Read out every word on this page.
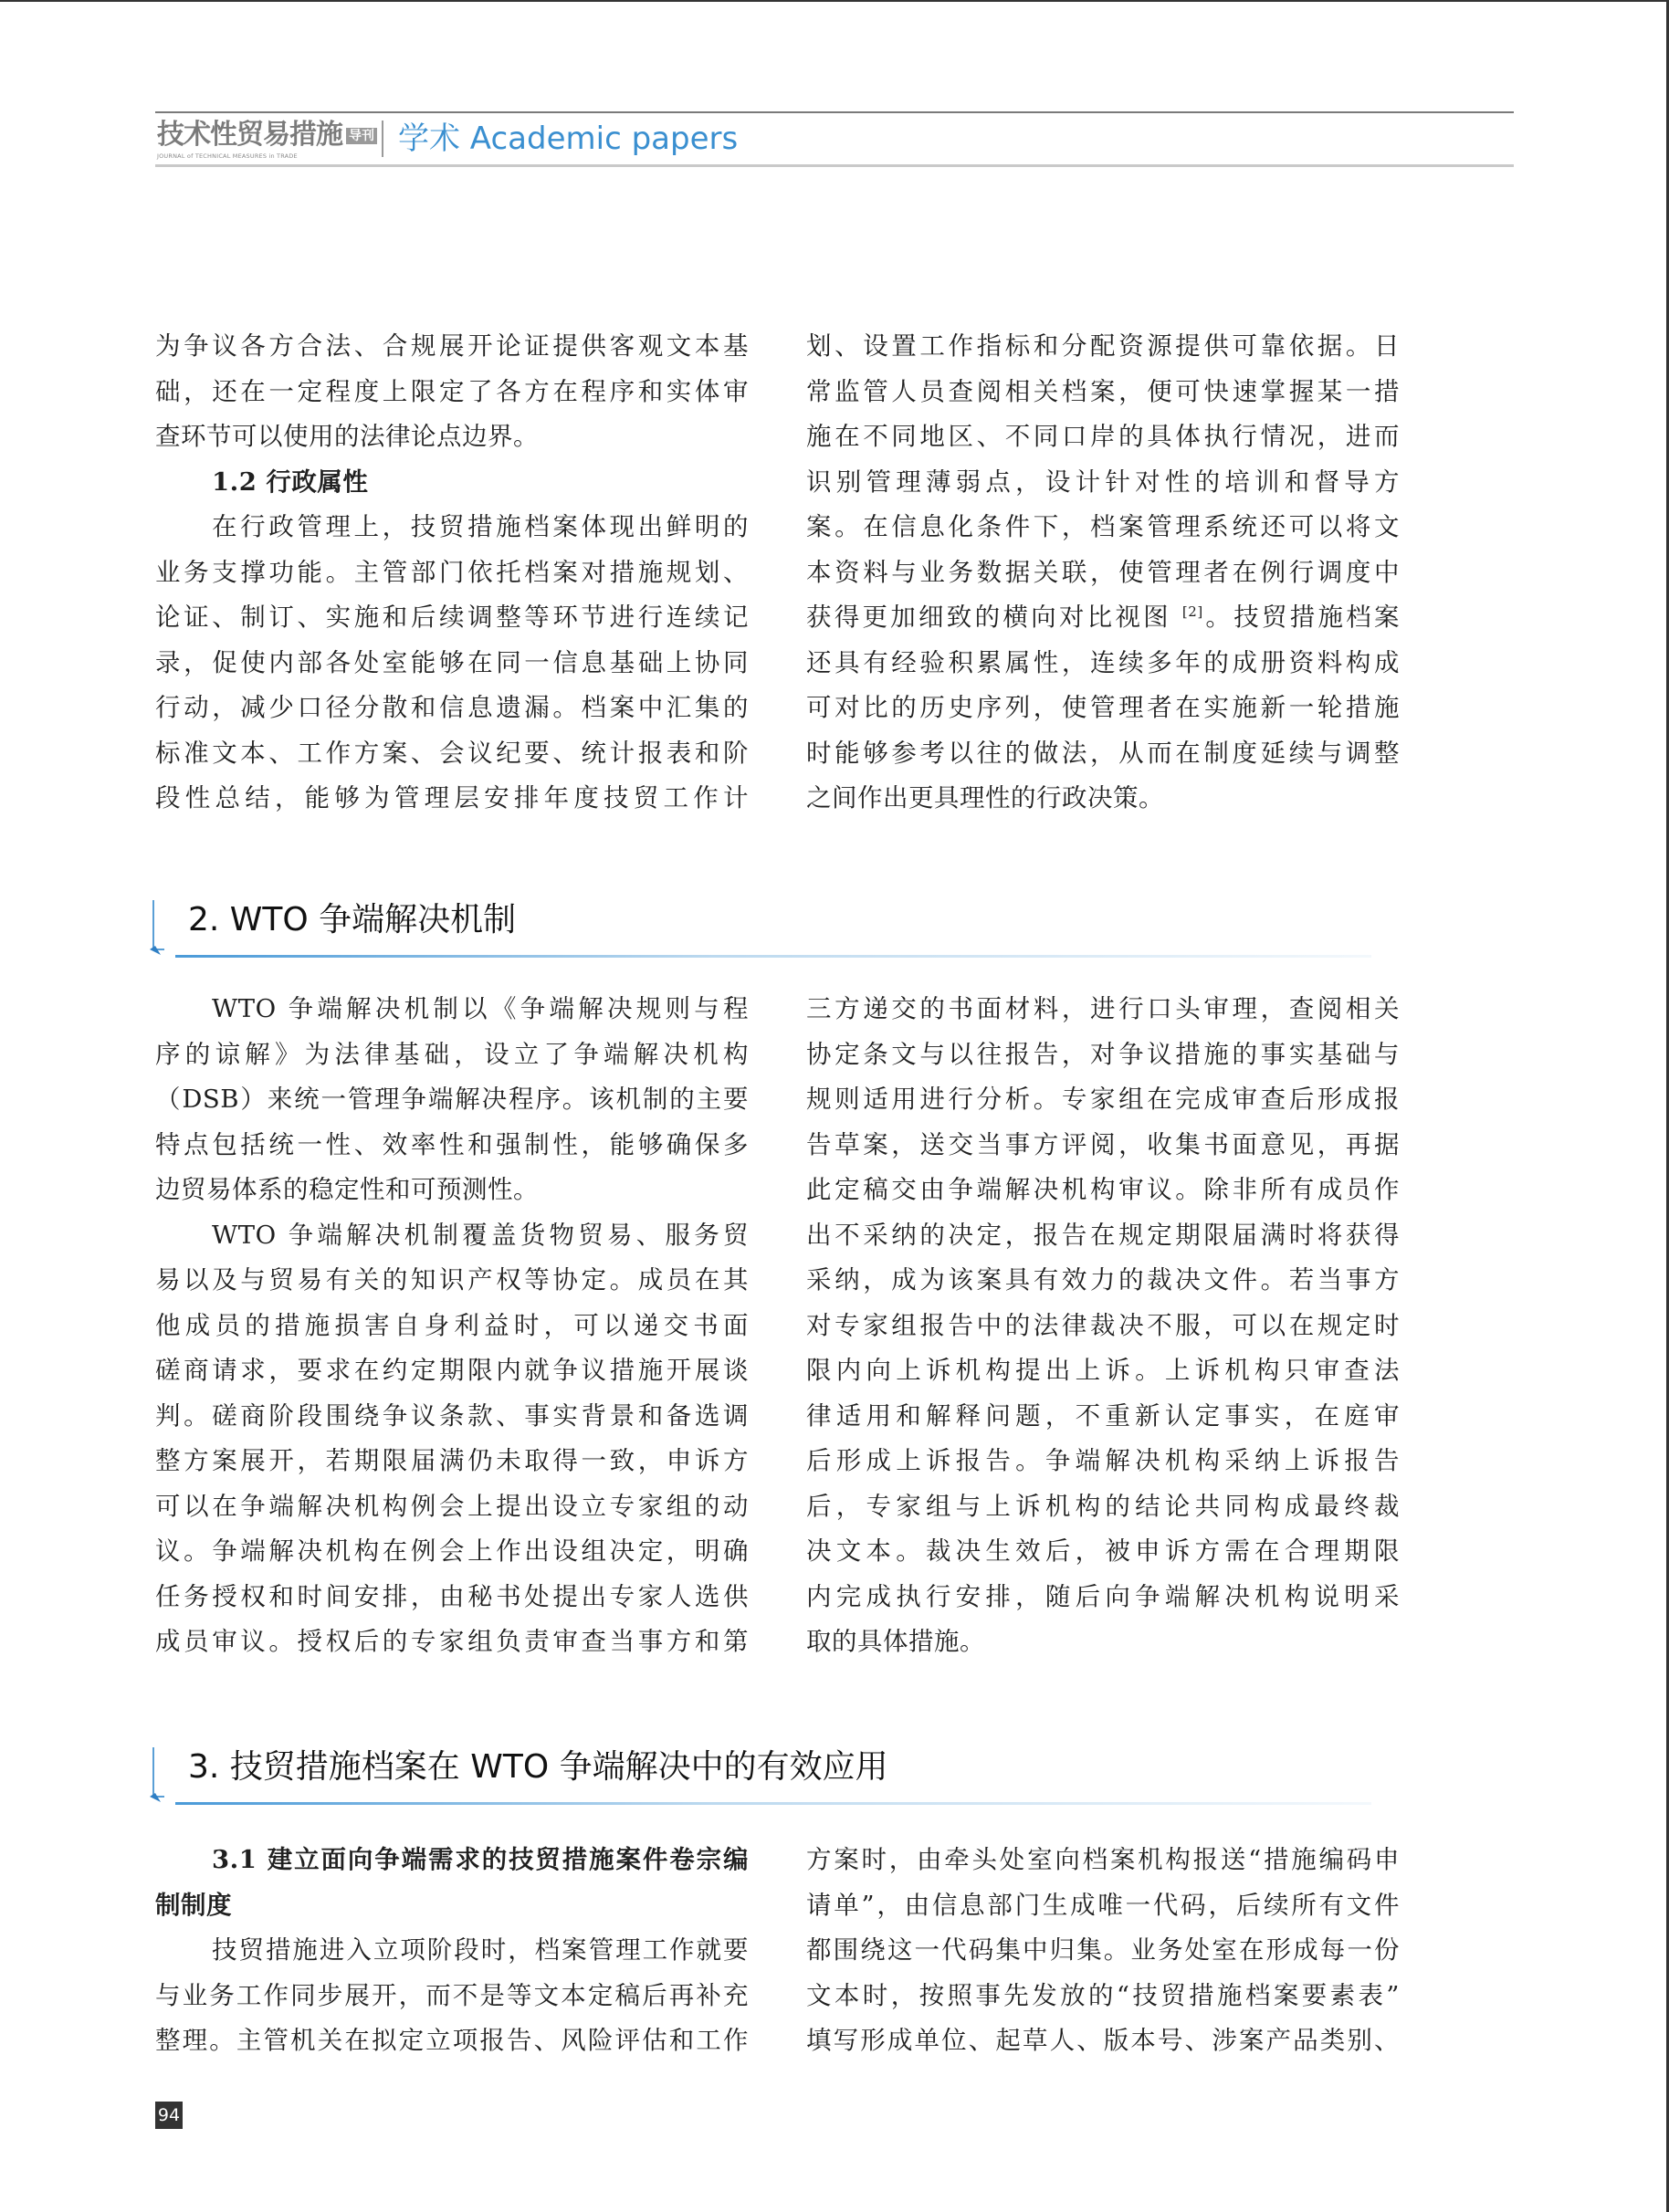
技术性贸易措施 导刊
JOURNAL of TECHNICAL MEASURES in TRADE	学术 Academic papers

为争议各方合法、合规展开论证提供客观文本基

础，还在一定程度上限定了各方在程序和实体审

查环节可以使用的法律论点边界。

1.2 行政属性

在行政管理上，技贸措施档案体现出鲜明的

业务支撑功能。主管部门依托档案对措施规划、

论证、制订、实施和后续调整等环节进行连续记

录，促使内部各处室能够在同一信息基础上协同

行动，减少口径分散和信息遗漏。档案中汇集的

标准文本、工作方案、会议纪要、统计报表和阶

段性总结，能够为管理层安排年度技贸工作计

划、设置工作指标和分配资源提供可靠依据。日

常监管人员查阅相关档案，便可快速掌握某一措

施在不同地区、不同口岸的具体执行情况，进而

识别管理薄弱点，设计针对性的培训和督导方

案。在信息化条件下，档案管理系统还可以将文

本资料与业务数据关联，使管理者在例行调度中

获得更加细致的横向对比视图 [2]。技贸措施档案

还具有经验积累属性，连续多年的成册资料构成

可对比的历史序列，使管理者在实施新一轮措施

时能够参考以往的做法，从而在制度延续与调整

之间作出更具理性的行政决策。

2. WTO 争端解决机制

WTO 争端解决机制以《争端解决规则与程

序的谅解》为法律基础，设立了争端解决机构

（DSB）来统一管理争端解决程序。该机制的主要

特点包括统一性、效率性和强制性，能够确保多

边贸易体系的稳定性和可预测性。

WTO 争端解决机制覆盖货物贸易、服务贸

易以及与贸易有关的知识产权等协定。成员在其

他成员的措施损害自身利益时，可以递交书面

磋商请求，要求在约定期限内就争议措施开展谈

判。磋商阶段围绕争议条款、事实背景和备选调

整方案展开，若期限届满仍未取得一致，申诉方

可以在争端解决机构例会上提出设立专家组的动

议。争端解决机构在例会上作出设组决定，明确

任务授权和时间安排，由秘书处提出专家人选供

成员审议。授权后的专家组负责审查当事方和第

三方递交的书面材料，进行口头审理，查阅相关

协定条文与以往报告，对争议措施的事实基础与

规则适用进行分析。专家组在完成审查后形成报

告草案，送交当事方评阅，收集书面意见，再据

此定稿交由争端解决机构审议。除非所有成员作

出不采纳的决定，报告在规定期限届满时将获得

采纳，成为该案具有效力的裁决文件。若当事方

对专家组报告中的法律裁决不服，可以在规定时

限内向上诉机构提出上诉。上诉机构只审查法

律适用和解释问题，不重新认定事实，在庭审

后形成上诉报告。争端解决机构采纳上诉报告

后，专家组与上诉机构的结论共同构成最终裁

决文本。裁决生效后，被申诉方需在合理期限

内完成执行安排，随后向争端解决机构说明采

取的具体措施。

3. 技贸措施档案在 WTO 争端解决中的有效应用

3.1 建立面向争端需求的技贸措施案件卷宗编

制制度

技贸措施进入立项阶段时，档案管理工作就要

与业务工作同步展开，而不是等文本定稿后再补充

整理。主管机关在拟定立项报告、风险评估和工作

方案时，由牵头处室向档案机构报送“措施编码申

请单”，由信息部门生成唯一代码，后续所有文件

都围绕这一代码集中归集。业务处室在形成每一份

文本时，按照事先发放的“技贸措施档案要素表”

填写形成单位、起草人、版本号、涉案产品类别、

94
